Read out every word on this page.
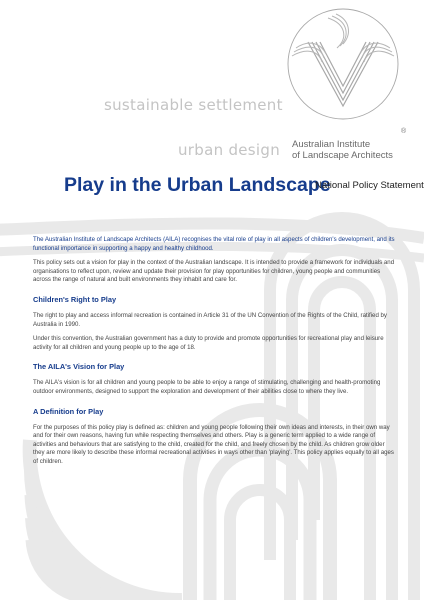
sustainable settlement
urban design
®
Australian Institute
of Landscape Architects
Play in the Urban Landscape
National Policy Statement

The Australian Institute of Landscape Architects (AILA) recognises the vital role of play in all aspects of children's development, and its functional importance in supporting a happy and healthy childhood.

This policy sets out a vision for play in the context of the Australian landscape. It is intended to provide a framework for individuals and organisations to reflect upon, review and update their provision for play opportunities for children, young people and communities across the range of natural and built environments they inhabit and care for.

Children's Right to Play

The right to play and access informal recreation is contained in Article 31 of the UN Convention of the Rights of the Child, ratified by Australia in 1990.

Under this convention, the Australian government has a duty to provide and promote opportunities for recreational play and leisure activity for all children and young people up to the age of 18.

The AILA's Vision for Play

The AILA's vision is for all children and young people to be able to enjoy a range of stimulating, challenging and health-promoting outdoor environments, designed to support the exploration and development of their abilities close to where they live.

A Definition for Play

For the purposes of this policy play is defined as: children and young people following their own ideas and interests, in their own way and for their own reasons, having fun while respecting themselves and others. Play is a generic term applied to a wide range of activities and behaviours that are satisfying to the child, created for the child, and freely chosen by the child. As children grow older they are more likely to describe these informal recreational activities in ways other than 'playing'. This policy applies equally to all ages of children.
